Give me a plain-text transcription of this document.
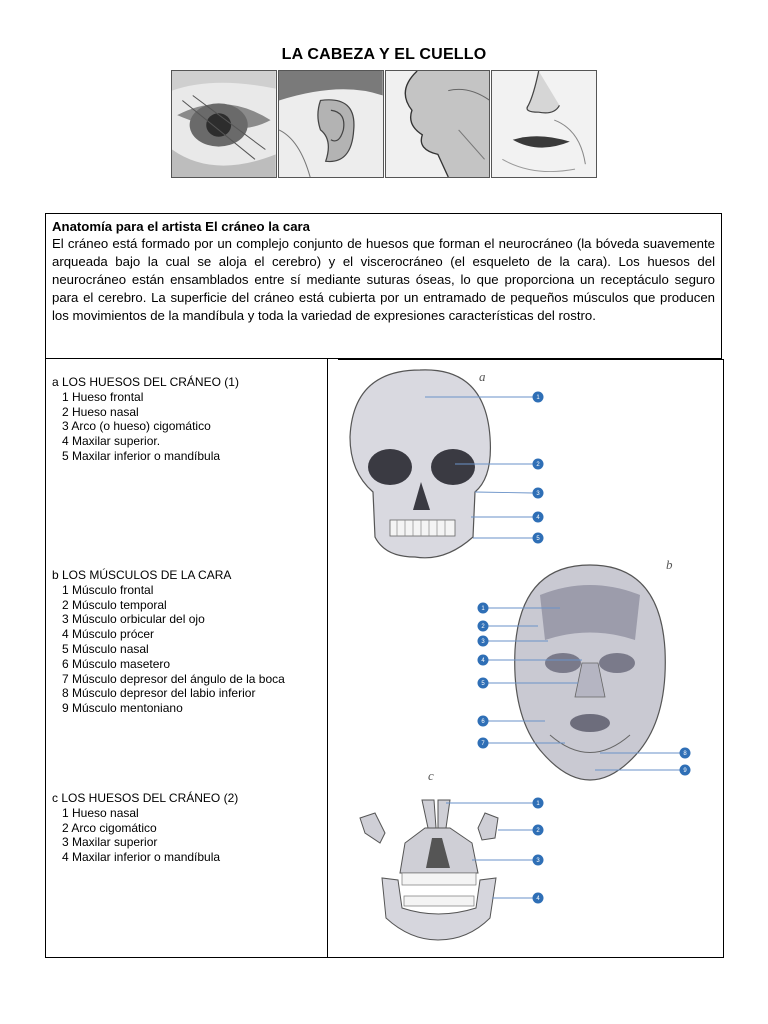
LA CABEZA Y EL CUELLO
Anatomía para el artista El cráneo la cara

El cráneo está formado por un complejo conjunto de huesos que forman el neurocráneo (la bóveda suavemente arqueada bajo la cual se aloja el cerebro) y el viscerocráneo (el esqueleto de la cara). Los huesos del neurocráneo están ensamblados entre sí mediante suturas óseas, lo que proporciona un receptáculo seguro para el cerebro. La superficie del cráneo está cubierta por un entramado de pequeños músculos que producen los movimientos de la mandíbula y toda la variedad de expresiones características del rostro.

a LOS HUESOS DEL CRÁNEO (1)

1 Hueso frontal

2 Hueso nasal

3 Arco (o hueso) cigomático

4 Maxilar superior.

5 Maxilar inferior o mandíbula

b LOS MÚSCULOS DE LA CARA

1 Músculo frontal

2 Músculo temporal

3 Músculo orbicular del ojo

4 Músculo prócer

5 Músculo nasal

6 Músculo masetero

7 Músculo depresor del ángulo de la boca

8 Músculo depresor del labio inferior

9 Músculo mentoniano

c LOS HUESOS DEL CRÁNEO (2)

1 Hueso nasal

2 Arco cigomático

3 Maxilar superior

4 Maxilar inferior o mandíbula

a
1
2
3
4
5
b
1
2
3
4
5
6
7
8
9
c
1
2
3
4
